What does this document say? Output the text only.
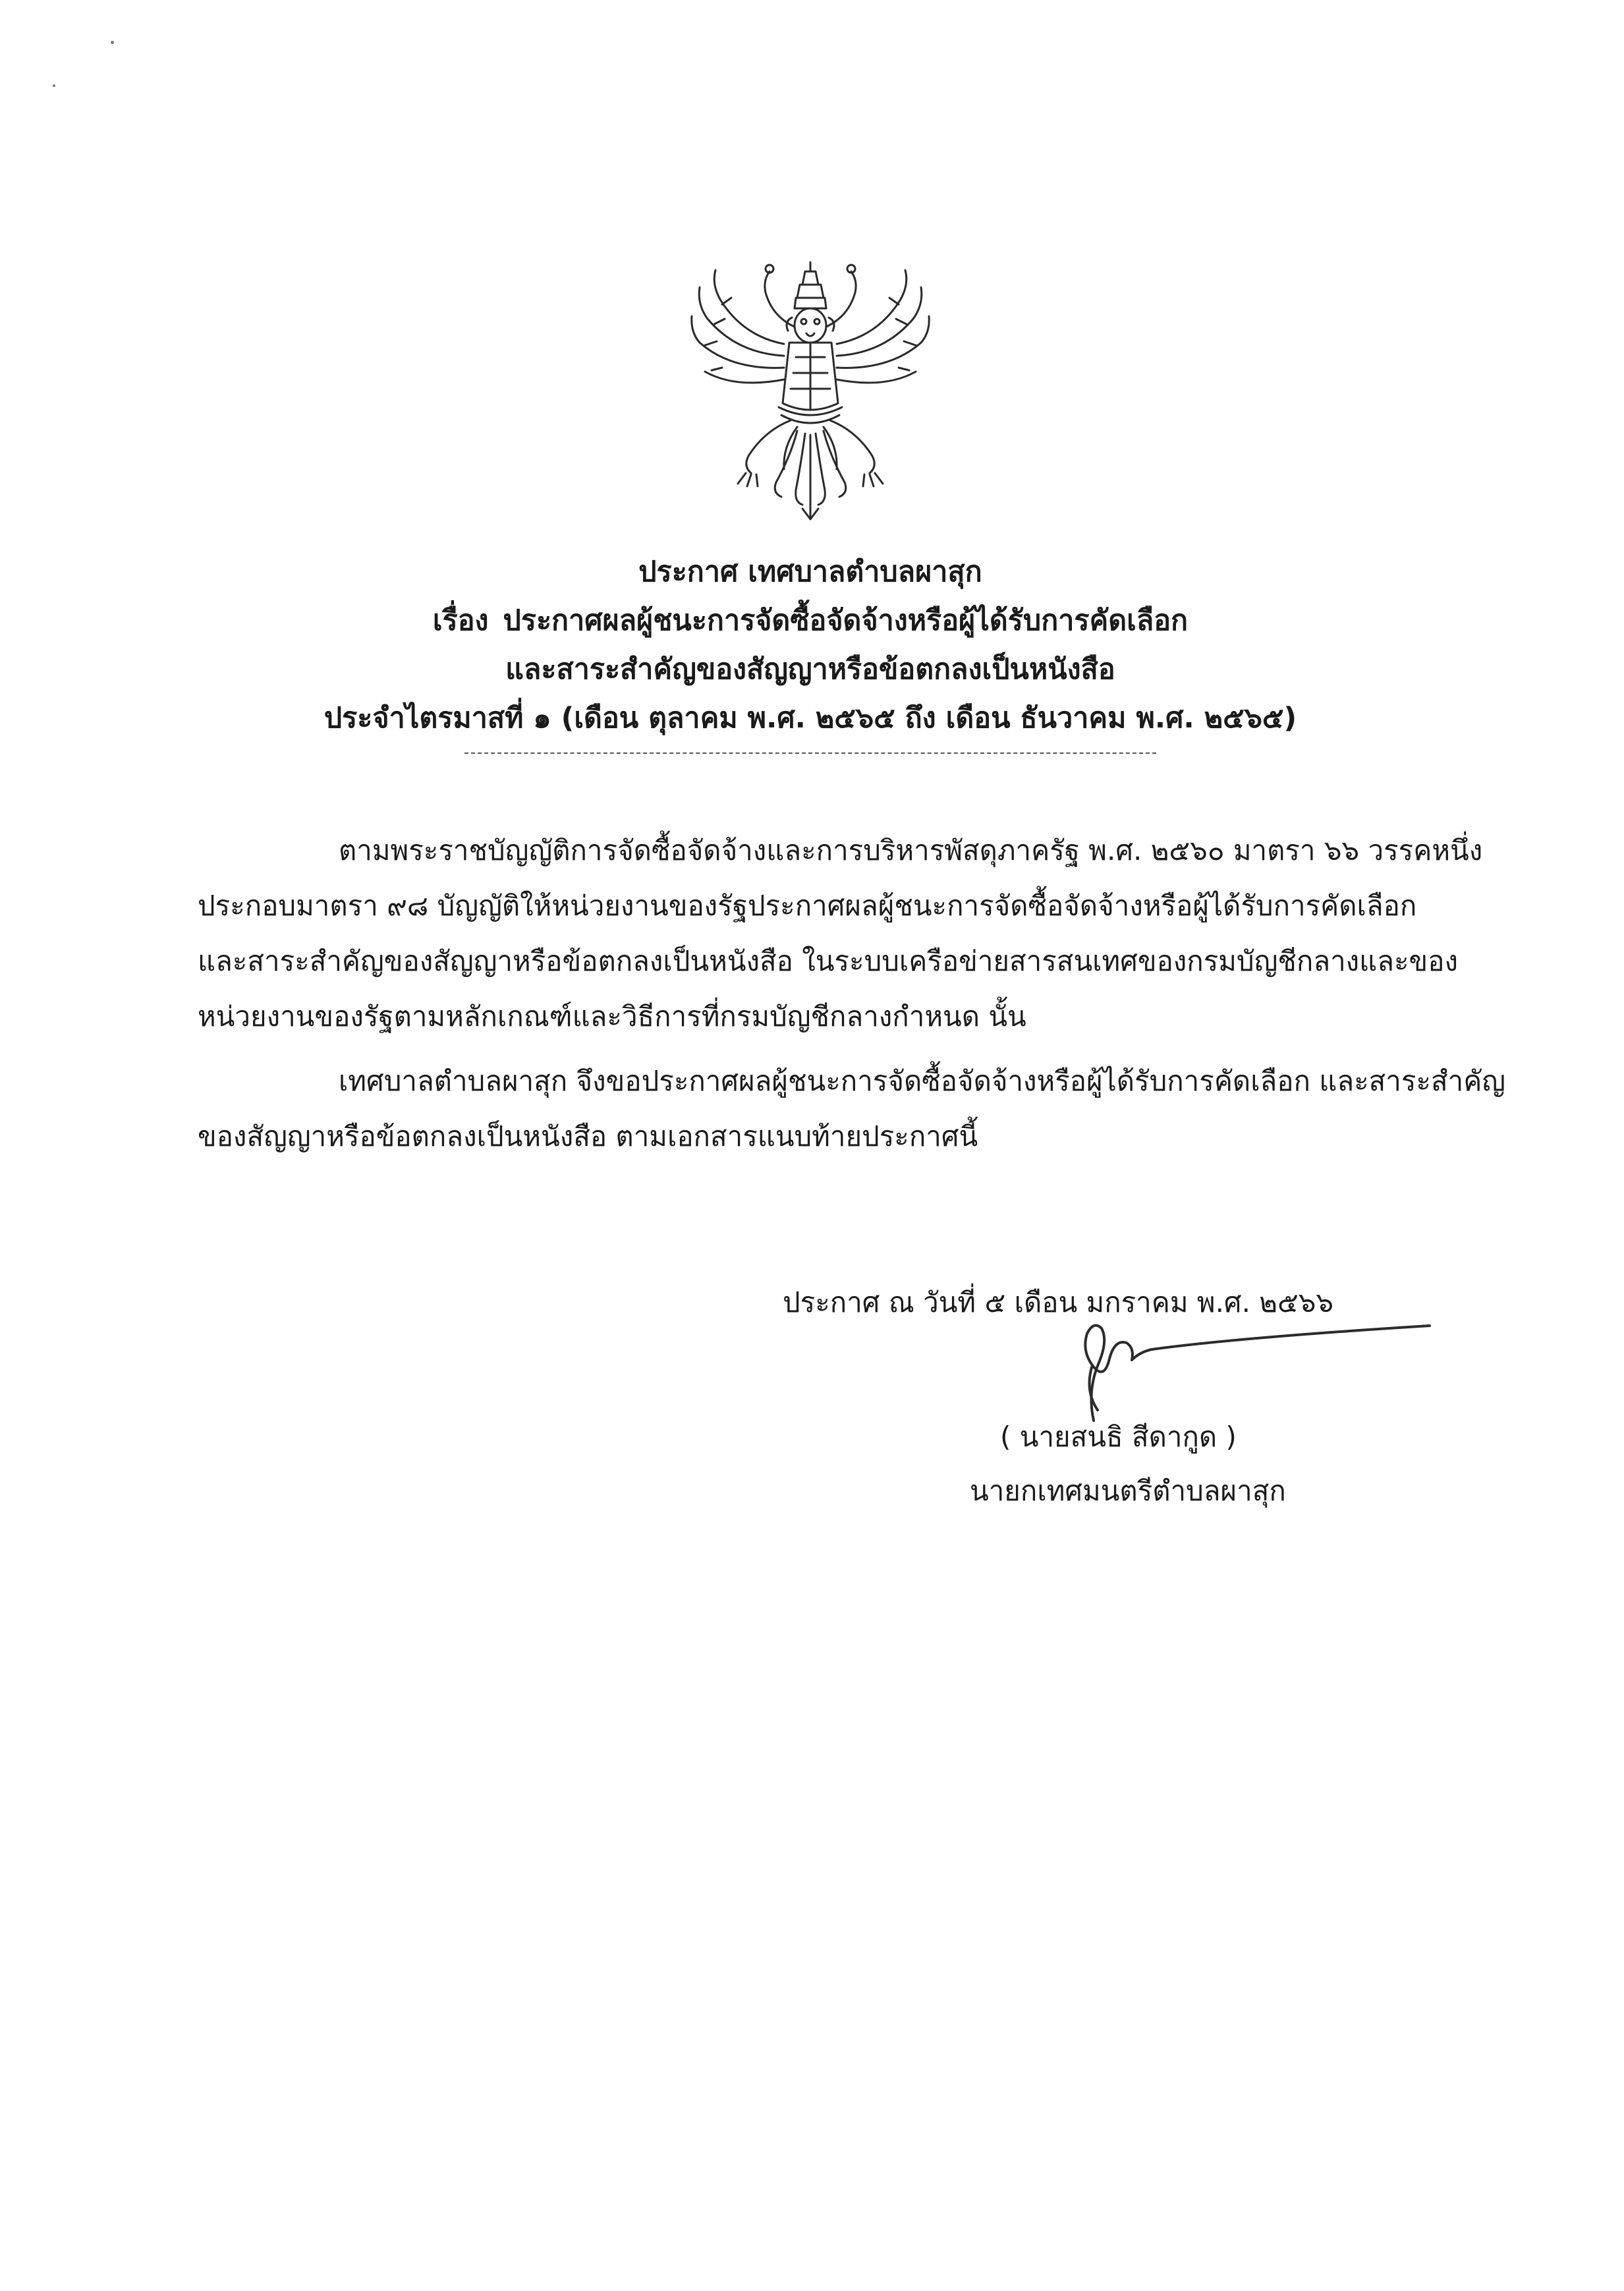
ประกาศ เทศบาลตำบลผาสุก
เรื่อง ประกาศผลผู้ชนะการจัดซื้อจัดจ้างหรือผู้ได้รับการคัดเลือก
และสาระสำคัญของสัญญาหรือข้อตกลงเป็นหนังสือ
ประจำไตรมาสที่ ๑ (เดือน ตุลาคม พ.ศ. ๒๕๖๕ ถึง เดือน ธันวาคม พ.ศ. ๒๕๖๕)
ตามพระราชบัญญัติการจัดซื้อจัดจ้างและการบริหารพัสดุภาครัฐ พ.ศ. ๒๕๖๐ มาตรา ๖๖ วรรคหนึ่ง
ประกอบมาตรา ๙๘ บัญญัติให้หน่วยงานของรัฐประกาศผลผู้ชนะการจัดซื้อจัดจ้างหรือผู้ได้รับการคัดเลือก
และสาระสำคัญของสัญญาหรือข้อตกลงเป็นหนังสือ ในระบบเครือข่ายสารสนเทศของกรมบัญชีกลางและของ
หน่วยงานของรัฐตามหลักเกณฑ์และวิธีการที่กรมบัญชีกลางกำหนด นั้น
เทศบาลตำบลผาสุก จึงขอประกาศผลผู้ชนะการจัดซื้อจัดจ้างหรือผู้ได้รับการคัดเลือก และสาระสำคัญ
ของสัญญาหรือข้อตกลงเป็นหนังสือ ตามเอกสารแนบท้ายประกาศนี้
ประกาศ ณ วันที่ ๕ เดือน มกราคม พ.ศ. ๒๕๖๖
( นายสนธิ สีดากูด )
นายกเทศมนตรีตำบลผาสุก
